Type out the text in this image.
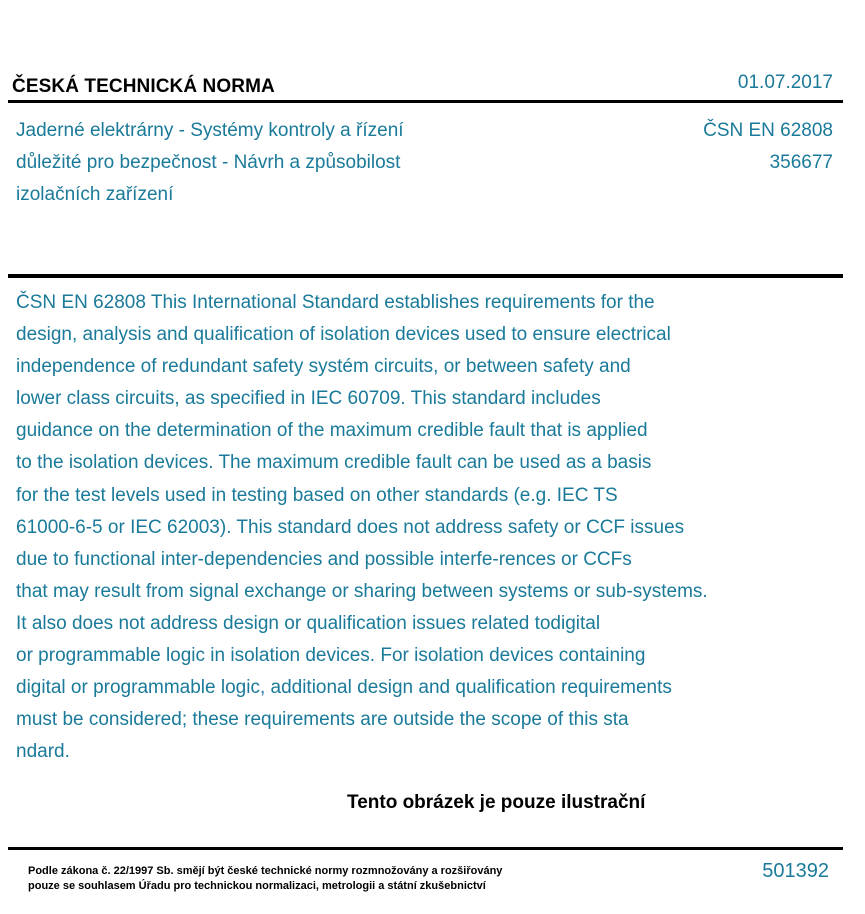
ČESKÁ TECHNICKÁ NORMA	01.07.2017
Jaderné elektrárny - Systémy kontroly a řízení
důležité pro bezpečnost - Návrh a způsobilost
izolačních zařízení
ČSN EN 62808
356677
ČSN EN 62808 This International Standard establishes requirements for the
design, analysis and qualification of isolation devices used to ensure electrical
independence of redundant safety systém circuits, or between safety and
lower class circuits, as specified in IEC 60709. This standard includes
guidance on the determination of the maximum credible fault that is applied
to the isolation devices. The maximum credible fault can be used as a basis
for the test levels used in testing based on other standards (e.g. IEC TS
61000-6-5 or IEC 62003). This standard does not address safety or CCF issues
due to functional inter-dependencies and possible interfe-rences or CCFs
that may result from signal exchange or sharing between systems or sub-systems.
It also does not address design or qualification issues related todigital
or programmable logic in isolation devices. For isolation devices containing
digital or programmable logic, additional design and qualification requirements
must be considered; these requirements are outside the scope of this sta
ndard.
Tento obrázek je pouze ilustrační
Podle zákona č. 22/1997 Sb. smějí být české technické normy rozmnožovány a rozšiřovány
pouze se souhlasem Úřadu pro technickou normalizaci, metrologii a státní zkušebnictví
501392
